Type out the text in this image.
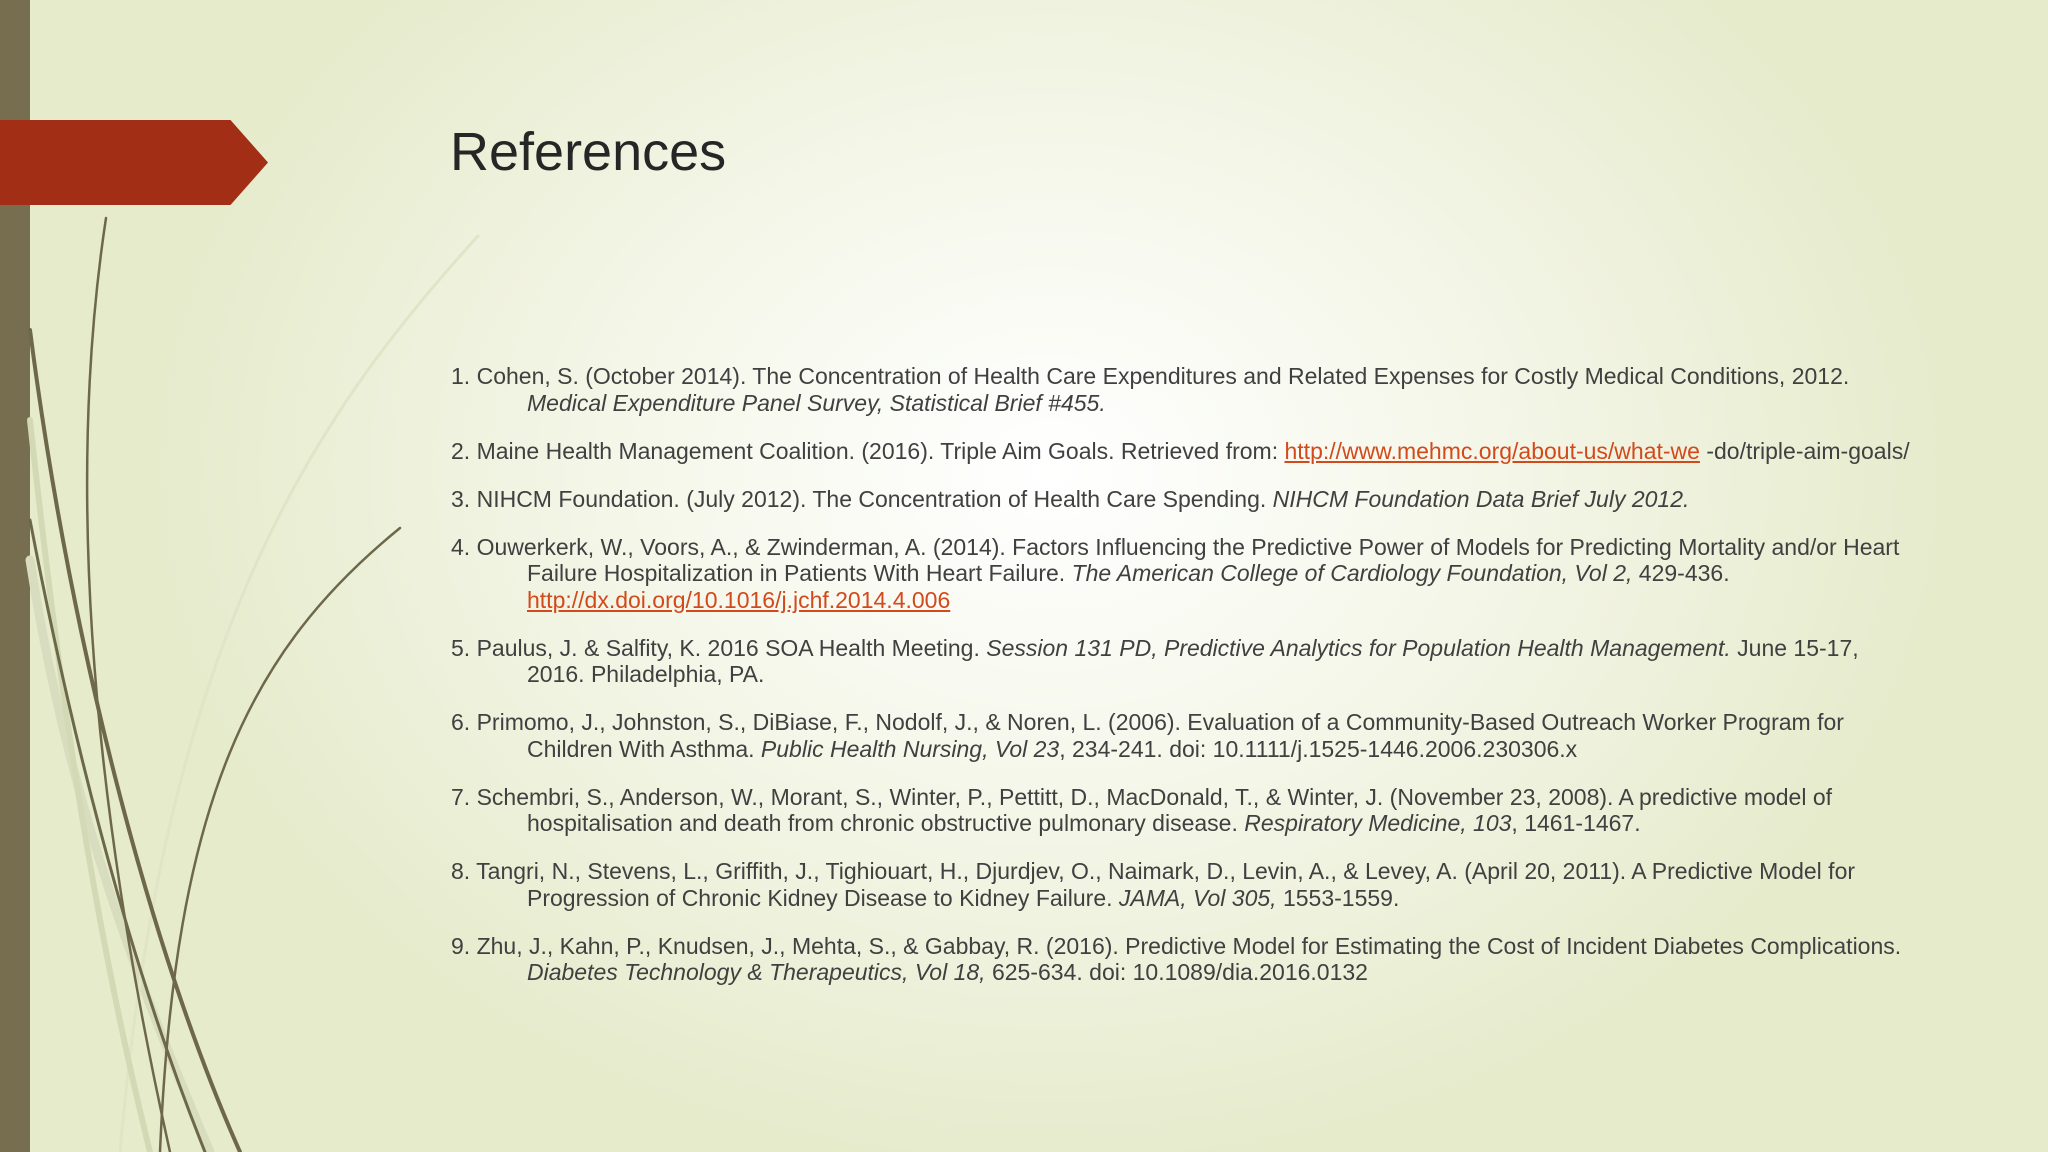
References
1. Cohen, S. (October 2014). The Concentration of Health Care Expenditures and Related Expenses for Costly Medical Conditions, 2012. Medical Expenditure Panel Survey, Statistical Brief #455.
2. Maine Health Management Coalition. (2016). Triple Aim Goals. Retrieved from: http://www.mehmc.org/about-us/what-we -do/triple-aim-goals/
3. NIHCM Foundation. (July 2012). The Concentration of Health Care Spending. NIHCM Foundation Data Brief July 2012.
4. Ouwerkerk, W., Voors, A., & Zwinderman, A. (2014). Factors Influencing the Predictive Power of Models for Predicting Mortality and/or Heart Failure Hospitalization in Patients With Heart Failure. The American College of Cardiology Foundation, Vol 2, 429-436. http://dx.doi.org/10.1016/j.jchf.2014.4.006
5. Paulus, J. & Salfity, K. 2016 SOA Health Meeting. Session 131 PD, Predictive Analytics for Population Health Management. June 15-17, 2016. Philadelphia, PA.
6. Primomo, J., Johnston, S., DiBiase, F., Nodolf, J., & Noren, L. (2006). Evaluation of a Community-Based Outreach Worker Program for Children With Asthma. Public Health Nursing, Vol 23, 234-241. doi: 10.1111/j.1525-1446.2006.230306.x
7. Schembri, S., Anderson, W., Morant, S., Winter, P., Pettitt, D., MacDonald, T., & Winter, J. (November 23, 2008). A predictive model of hospitalisation and death from chronic obstructive pulmonary disease. Respiratory Medicine, 103, 1461-1467.
8. Tangri, N., Stevens, L., Griffith, J., Tighiouart, H., Djurdjev, O., Naimark, D., Levin, A., & Levey, A. (April 20, 2011). A Predictive Model for Progression of Chronic Kidney Disease to Kidney Failure. JAMA, Vol 305, 1553-1559.
9. Zhu, J., Kahn, P., Knudsen, J., Mehta, S., & Gabbay, R. (2016). Predictive Model for Estimating the Cost of Incident Diabetes Complications. Diabetes Technology & Therapeutics, Vol 18, 625-634. doi: 10.1089/dia.2016.0132
